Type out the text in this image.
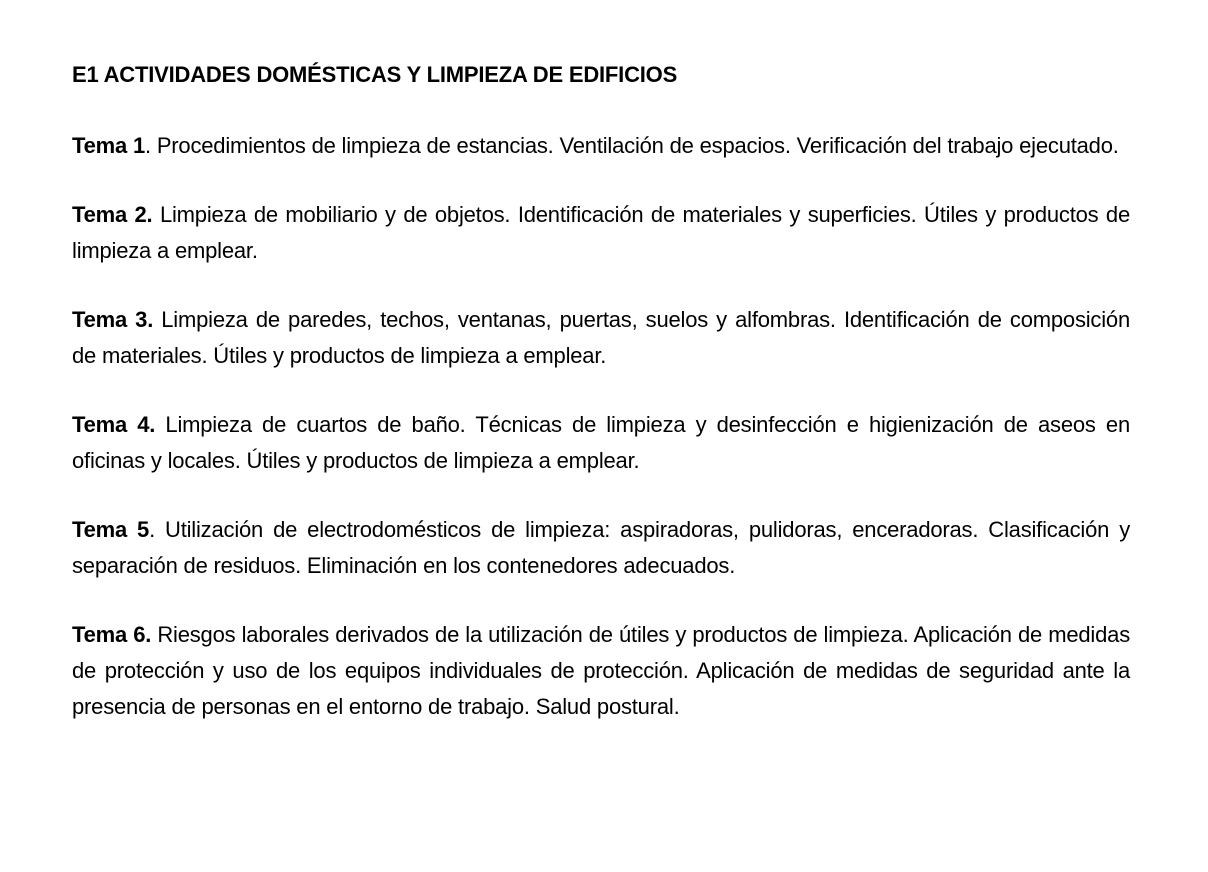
E1 ACTIVIDADES DOMÉSTICAS Y LIMPIEZA DE EDIFICIOS

Tema 1. Procedimientos de limpieza de estancias. Ventilación de espacios. Verificación del trabajo ejecutado.

Tema 2. Limpieza de mobiliario y de objetos. Identificación de materiales y superficies. Útiles y productos de limpieza a emplear.

Tema 3. Limpieza de paredes, techos, ventanas, puertas, suelos y alfombras. Identificación de composición de materiales. Útiles y productos de limpieza a emplear.

Tema 4. Limpieza de cuartos de baño. Técnicas de limpieza y desinfección e higienización de aseos en oficinas y locales. Útiles y productos de limpieza a emplear.

Tema 5. Utilización de electrodomésticos de limpieza: aspiradoras, pulidoras, enceradoras. Clasificación y separación de residuos. Eliminación en los contenedores adecuados.

Tema 6. Riesgos laborales derivados de la utilización de útiles y productos de limpieza. Aplicación de medidas de protección y uso de los equipos individuales de protección. Aplicación de medidas de seguridad ante la presencia de personas en el entorno de trabajo. Salud postural.
